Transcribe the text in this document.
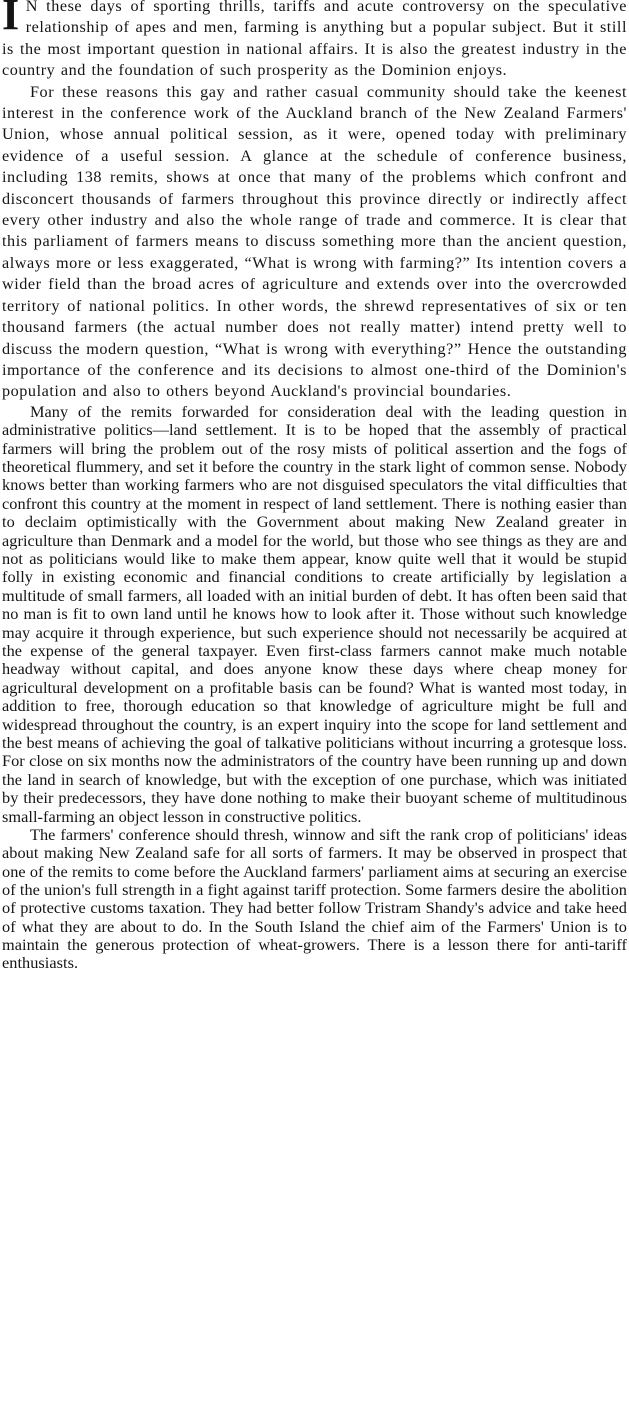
I N these days of sporting thrills, tariffs and acute controversy on the speculative relationship of apes and men, farming is anything but a popular subject. But it still is the most important question in national affairs. It is also the greatest industry in the country and the foundation of such prosperity as the Dominion enjoys.

For these reasons this gay and rather casual community should take the keenest interest in the conference work of the Auckland branch of the New Zealand Farmers' Union, whose annual political session, as it were, opened today with preliminary evidence of a useful session. A glance at the schedule of conference business, including 138 remits, shows at once that many of the problems which confront and disconcert thousands of farmers throughout this province directly or indirectly affect every other industry and also the whole range of trade and commerce. It is clear that this parliament of farmers means to discuss something more than the ancient question, always more or less exaggerated, “What is wrong with farming?” Its intention covers a wider field than the broad acres of agriculture and extends over into the overcrowded territory of national politics. In other words, the shrewd representatives of six or ten thousand farmers (the actual number does not really matter) intend pretty well to discuss the modern question, “What is wrong with everything?” Hence the outstanding importance of the conference and its decisions to almost one-third of the Dominion's population and also to others beyond Auckland's provincial boundaries.

Many of the remits forwarded for consideration deal with the leading question in administrative politics—land settlement. It is to be hoped that the assembly of practical farmers will bring the problem out of the rosy mists of political assertion and the fogs of theoretical flummery, and set it before the country in the stark light of common sense. Nobody knows better than working farmers who are not disguised speculators the vital difficulties that confront this country at the moment in respect of land settlement. There is nothing easier than to declaim optimistically with the Government about making New Zealand greater in agriculture than Denmark and a model for the world, but those who see things as they are and not as politicians would like to make them appear, know quite well that it would be stupid folly in existing economic and financial conditions to create artificially by legislation a multitude of small farmers, all loaded with an initial burden of debt. It has often been said that no man is fit to own land until he knows how to look after it. Those without such knowledge may acquire it through experience, but such experience should not necessarily be acquired at the expense of the general taxpayer. Even first-class farmers cannot make much notable headway without capital, and does anyone know these days where cheap money for agricultural development on a profitable basis can be found? What is wanted most today, in addition to free, thorough education so that knowledge of agriculture might be full and widespread throughout the country, is an expert inquiry into the scope for land settlement and the best means of achieving the goal of talkative politicians without incurring a grotesque loss. For close on six months now the administrators of the country have been running up and down the land in search of knowledge, but with the exception of one purchase, which was initiated by their predecessors, they have done nothing to make their buoyant scheme of multitudinous small-farming an object lesson in constructive politics.

The farmers' conference should thresh, winnow and sift the rank crop of politicians' ideas about making New Zealand safe for all sorts of farmers. It may be observed in prospect that one of the remits to come before the Auckland farmers' parliament aims at securing an exercise of the union's full strength in a fight against tariff protection. Some farmers desire the abolition of protective customs taxation. They had better follow Tristram Shandy's advice and take heed of what they are about to do. In the South Island the chief aim of the Farmers' Union is to maintain the generous protection of wheat-growers. There is a lesson there for anti-tariff enthusiasts.
